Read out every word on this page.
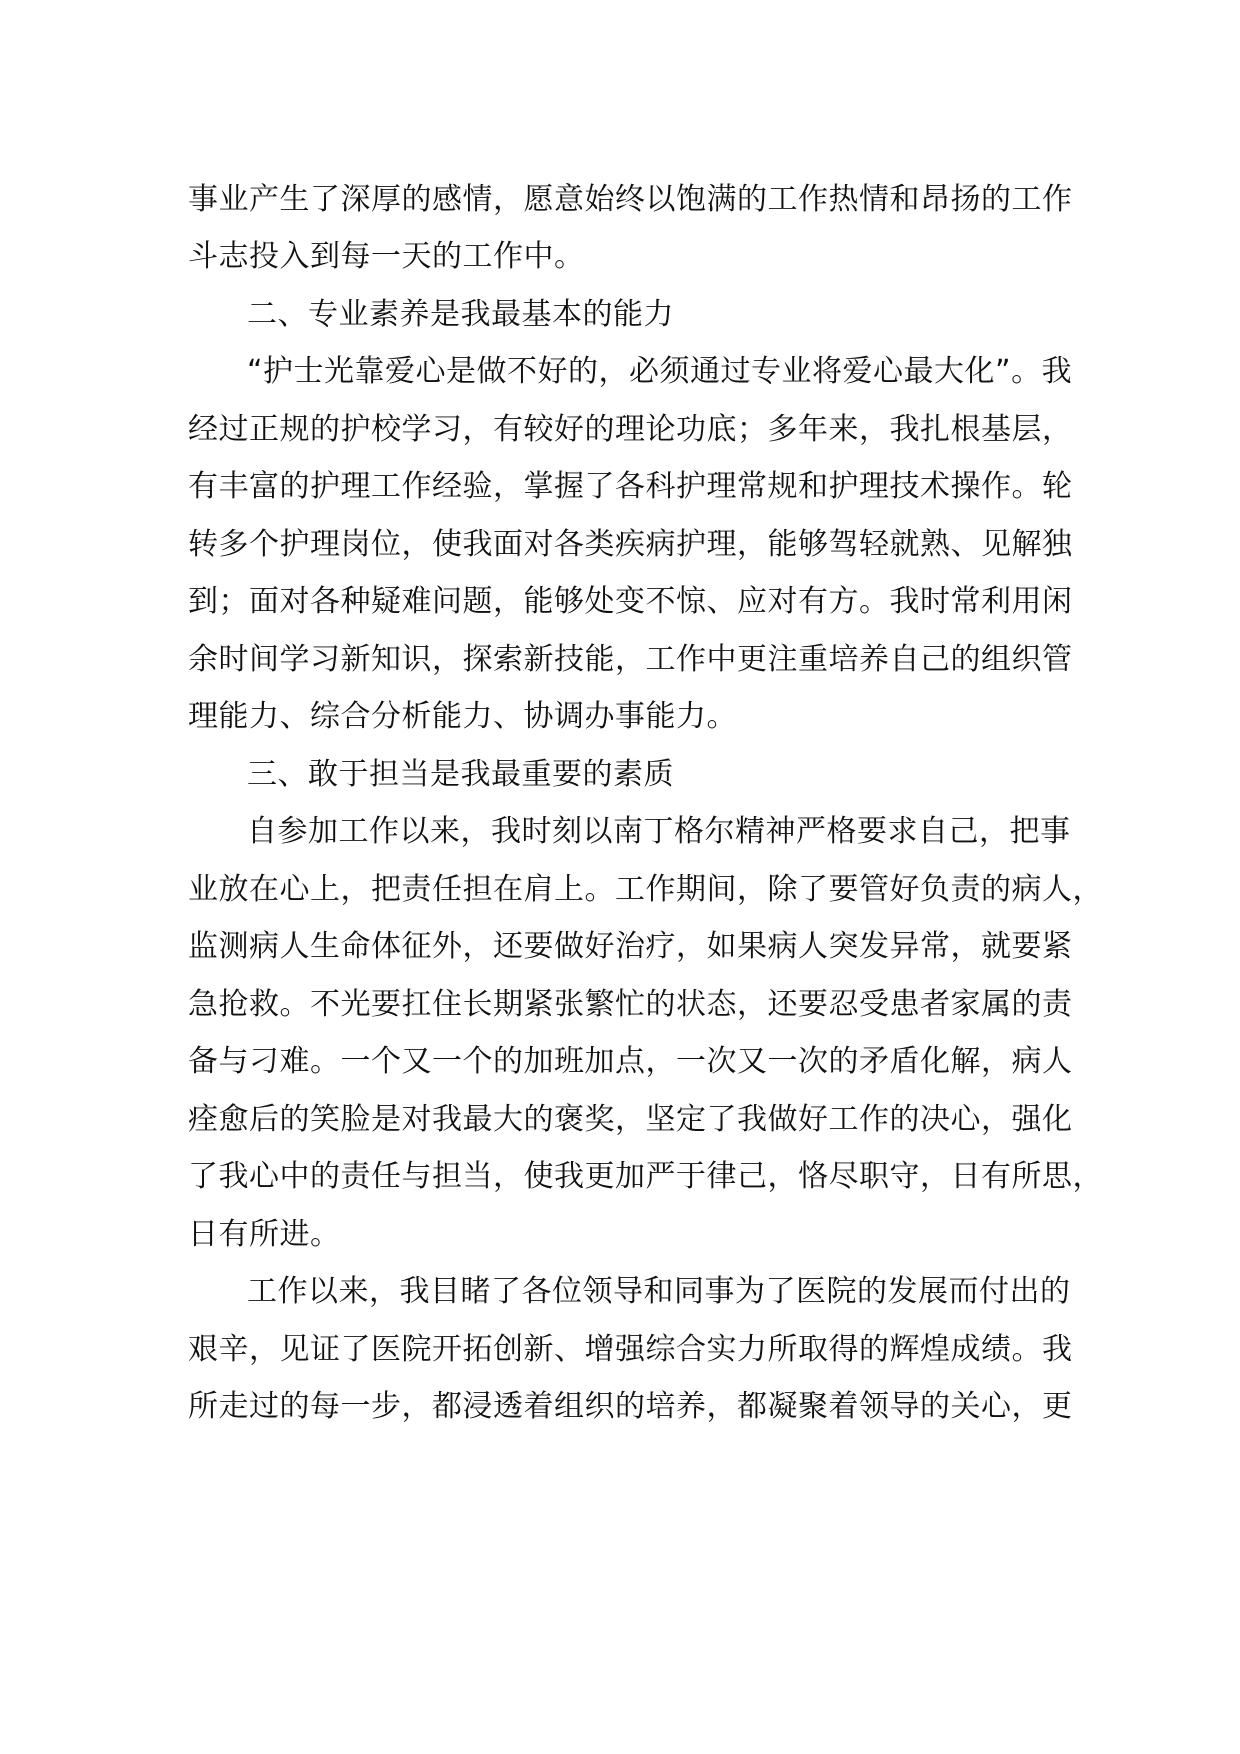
事业产生了深厚的感情，愿意始终以饱满的工作热情和昂扬的工作
斗志投入到每一天的工作中。
二、专业素养是我最基本的能力
“护士光靠爱心是做不好的，必须通过专业将爱心最大化”。我
经过正规的护校学习，有较好的理论功底；多年来，我扎根基层，
有丰富的护理工作经验，掌握了各科护理常规和护理技术操作。轮
转多个护理岗位，使我面对各类疾病护理，能够驾轻就熟、见解独
到；面对各种疑难问题，能够处变不惊、应对有方。我时常利用闲
余时间学习新知识，探索新技能，工作中更注重培养自己的组织管
理能力、综合分析能力、协调办事能力。
三、敢于担当是我最重要的素质
自参加工作以来，我时刻以南丁格尔精神严格要求自己，把事
业放在心上，把责任担在肩上。工作期间，除了要管好负责的病人，
监测病人生命体征外，还要做好治疗，如果病人突发异常，就要紧
急抢救。不光要扛住长期紧张繁忙的状态，还要忍受患者家属的责
备与刁难。一个又一个的加班加点，一次又一次的矛盾化解，病人
痊愈后的笑脸是对我最大的褒奖，坚定了我做好工作的决心，强化
了我心中的责任与担当，使我更加严于律己，恪尽职守，日有所思，
日有所进。
工作以来，我目睹了各位领导和同事为了医院的发展而付出的
艰辛，见证了医院开拓创新、增强综合实力所取得的辉煌成绩。我
所走过的每一步，都浸透着组织的培养，都凝聚着领导的关心，更
